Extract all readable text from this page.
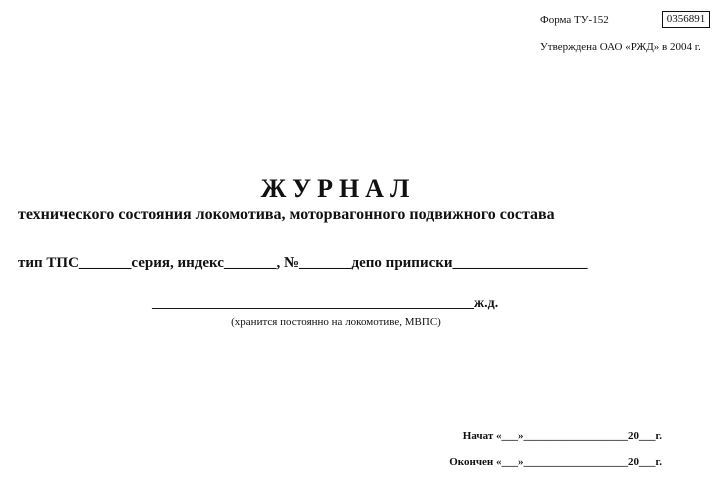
Форма ТУ-152	0356891
Утверждена ОАО «РЖД» в 2004 г.
ЖУРНАЛ
технического состояния локомотива, моторвагонного подвижного состава
тип ТПС_______серия, индекс_______, №_______депо приписки__________________
______________________________________________ж.д.
(хранится постоянно на локомотиве, МВПС)
Начат «___»___________________20___г.
Окончен «___»___________________20___г.
